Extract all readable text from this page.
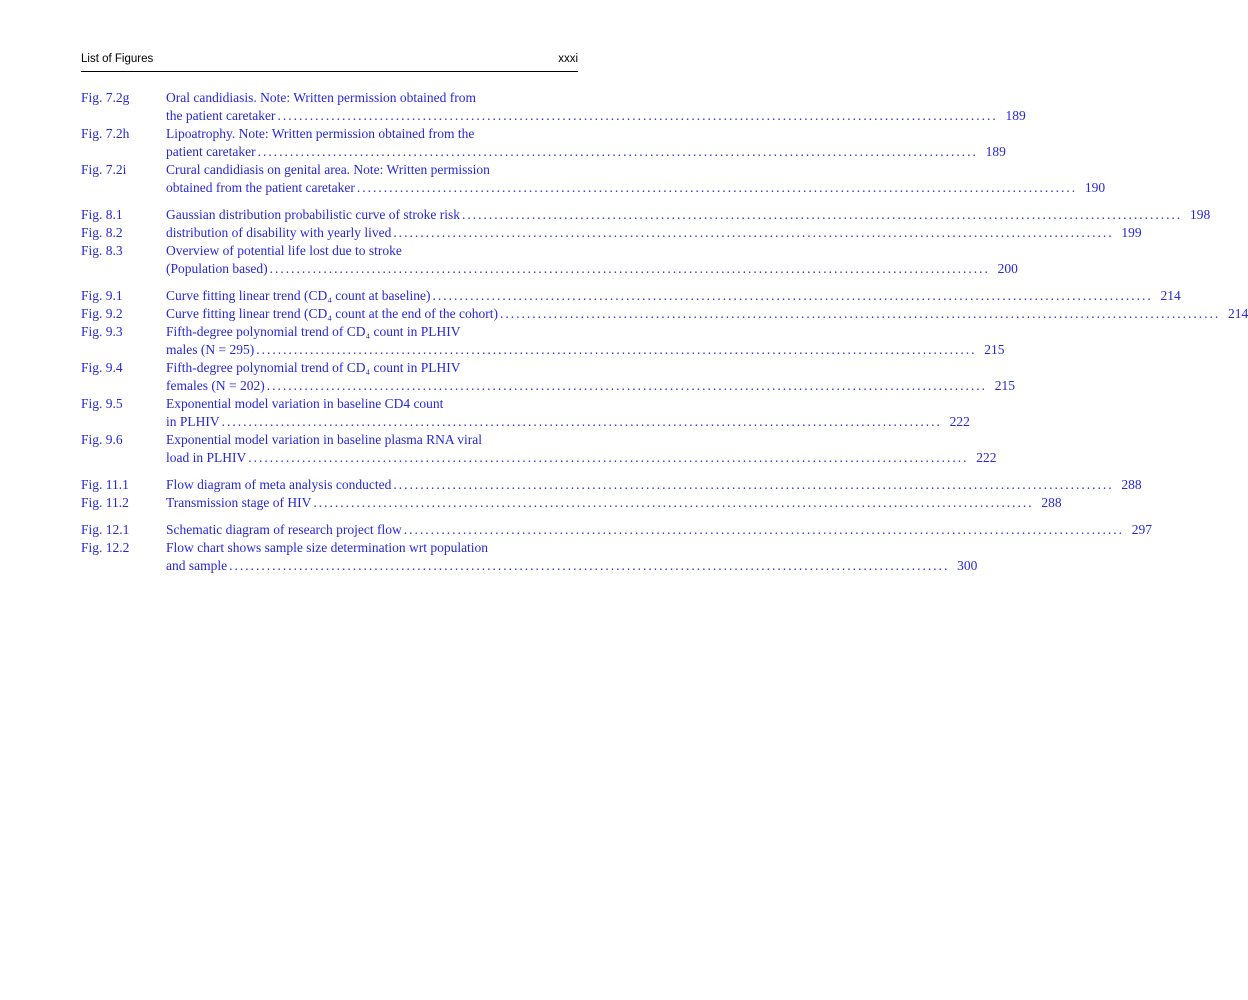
List of Figures	xxxi
Fig. 7.2g	Oral candidiasis. Note: Written permission obtained from
the patient caretaker .....	189
Fig. 7.2h	Lipoatrophy. Note: Written permission obtained from the
patient caretaker .....	189
Fig. 7.2i	Crural candidiasis on genital area. Note: Written permission
obtained from the patient caretaker .....	190
Fig. 8.1	Gaussian distribution probabilistic curve of stroke risk .....	198
Fig. 8.2	distribution of disability with yearly lived .....	199
Fig. 8.3	Overview of potential life lost due to stroke
(Population based) .....	200
Fig. 9.1	Curve fitting linear trend (CD₄ count at baseline) .....	214
Fig. 9.2	Curve fitting linear trend (CD₄ count at the end of the cohort) .....	214
Fig. 9.3	Fifth-degree polynomial trend of CD₄ count in PLHIV
males (N = 295) .....	215
Fig. 9.4	Fifth-degree polynomial trend of CD₄ count in PLHIV
females (N = 202) .....	215
Fig. 9.5	Exponential model variation in baseline CD4 count
in PLHIV .....	222
Fig. 9.6	Exponential model variation in baseline plasma RNA viral
load in PLHIV .....	222
Fig. 11.1	Flow diagram of meta analysis conducted .....	288
Fig. 11.2	Transmission stage of HIV .....	288
Fig. 12.1	Schematic diagram of research project flow .....	297
Fig. 12.2	Flow chart shows sample size determination wrt population
and sample .....	300
